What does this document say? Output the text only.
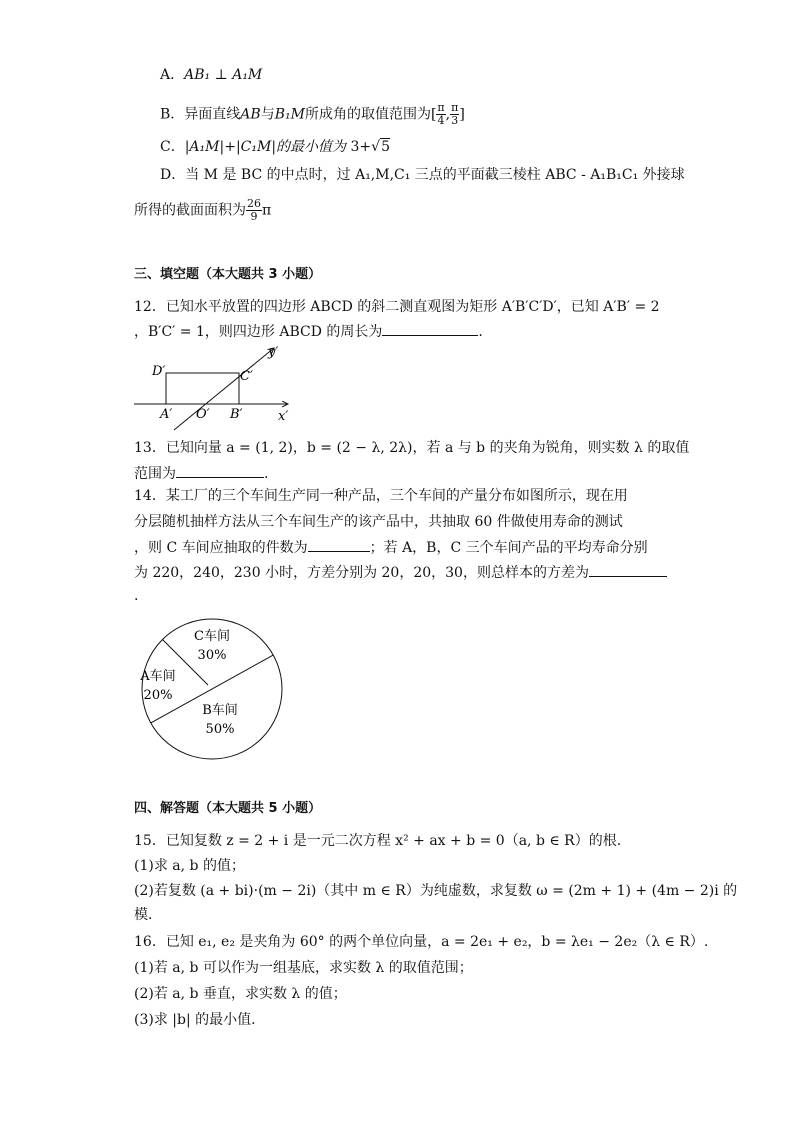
A．AB₁ ⊥ A₁M
B．异面直线AB与B₁M所成角的取值范围为[ $\frac{\pi}{4}$ , $\frac{\pi}{3}$ ]
C．|A₁M|+|C₁M|的最小值为 3+√5
D．当 M 是 BC 的中点时，过 A₁,M,C₁ 三点的平面截三棱柱 ABC - A₁B₁C₁ 外接球
所得的截面面积为 $\frac{26}{9}$ π
三、填空题（本大题共 3 小题）
12．已知水平放置的四边形 ABCD 的斜二测直观图为矩形 A′B′C′D′，已知 A′B′ = 2
，B′C′ = 1，则四边形 ABCD 的周长为	.
D′	C′
A′ O′ B′	x′
y′
13．已知向量 a = (1, 2)，b = (2 − λ, 2λ)，若 a 与 b 的夹角为锐角，则实数 λ 的取值
范围为	.
14．某工厂的三个车间生产同一种产品，三个车间的产量分布如图所示，现在用
分层随机抽样方法从三个车间生产的该产品中，共抽取 60 件做使用寿命的测试
，则 C 车间应抽取的件数为	；若 A，B，C 三个车间产品的平均寿命分别
为 220，240，230 小时，方差分别为 20，20，30，则总样本的方差为
.
C车间
30%
A车间
20%
B车间
50%
四、解答题（本大题共 5 小题）
15．已知复数 z = 2 + i 是一元二次方程 x² + ax + b = 0（a, b ∈ R）的根.
(1)求 a, b 的值；
(2)若复数 (a + bi)·(m − 2i)（其中 m ∈ R）为纯虚数，求复数 ω = (2m + 1) + (4m − 2)i 的
模.
16．已知 e₁, e₂ 是夹角为 60° 的两个单位向量，a = 2e₁ + e₂，b = λe₁ − 2e₂（λ ∈ R）.
(1)若 a, b 可以作为一组基底，求实数 λ 的取值范围；
(2)若 a, b 垂直，求实数 λ 的值；
(3)求 |b| 的最小值.
